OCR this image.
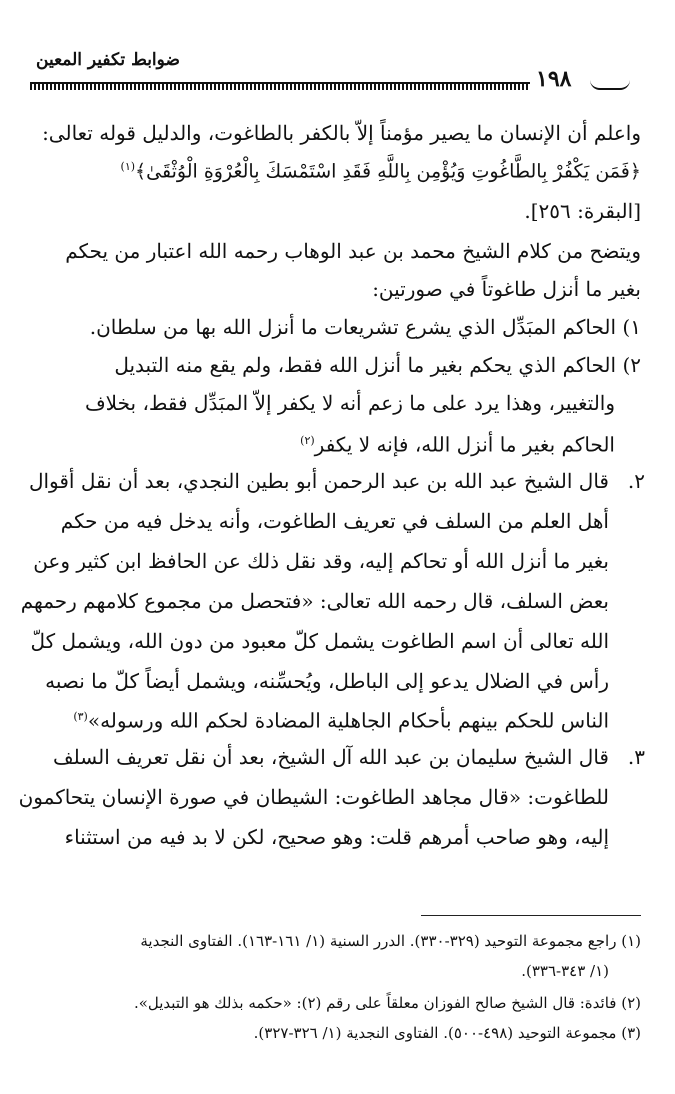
ضوابط تكفير المعين
١٩٨
واعلم أن الإنسان ما يصير مؤمناً إلاّ بالكفر بالطاغوت، والدليل قوله تعالى:
﴿فَمَن يَكْفُرْ بِالطَّاغُوتِ وَيُؤْمِن بِاللَّهِ فَقَدِ اسْتَمْسَكَ بِالْعُرْوَةِ الْوُثْقَىٰ﴾$^{(١)}$
[البقرة: ٢٥٦].
ويتضح من كلام الشيخ محمد بن عبد الوهاب رحمه الله اعتبار من يحكم
بغير ما أنزل طاغوتاً في صورتين:
١) الحاكم المبَدِّل الذي يشرع تشريعات ما أنزل الله بها من سلطان.
٢) الحاكم الذي يحكم بغير ما أنزل الله فقط، ولم يقع منه التبديل
والتغيير، وهذا يرد على ما زعم أنه لا يكفر إلاّ المبَدِّل فقط، بخلاف
الحاكم بغير ما أنزل الله، فإنه لا يكفر$^{(٢)}$
٢.
قال الشيخ عبد الله بن عبد الرحمن أبو بطين النجدي، بعد أن نقل أقوال
أهل العلم من السلف في تعريف الطاغوت، وأنه يدخل فيه من حكم
بغير ما أنزل الله أو تحاكم إليه، وقد نقل ذلك عن الحافظ ابن كثير وعن
بعض السلف، قال رحمه الله تعالى: «فتحصل من مجموع كلامهم رحمهم
الله تعالى أن اسم الطاغوت يشمل كلّ معبود من دون الله، ويشمل كلّ
رأس في الضلال يدعو إلى الباطل، ويُحسِّنه، ويشمل أيضاً كلّ ما نصبه
الناس للحكم بينهم بأحكام الجاهلية المضادة لحكم الله ورسوله»$^{(٣)}$
٣.
قال الشيخ سليمان بن عبد الله آل الشيخ، بعد أن نقل تعريف السلف
للطاغوت: «قال مجاهد الطاغوت: الشيطان في صورة الإنسان يتحاكمون
إليه، وهو صاحب أمرهم قلت: وهو صحيح، لكن لا بد فيه من استثناء
(١) راجع مجموعة التوحيد (٣٢٩-٣٣٠). الدرر السنية (١/ ١٦١-١٦٣). الفتاوى النجدية
(١/ ٣٤٣-٣٣٦).
(٢) فائدة: قال الشيخ صالح الفوزان معلقاً على رقم (٢): «حكمه بذلك هو التبديل».
(٣) مجموعة التوحيد (٤٩٨-٥٠٠). الفتاوى النجدية (١/ ٣٢٦-٣٢٧).
